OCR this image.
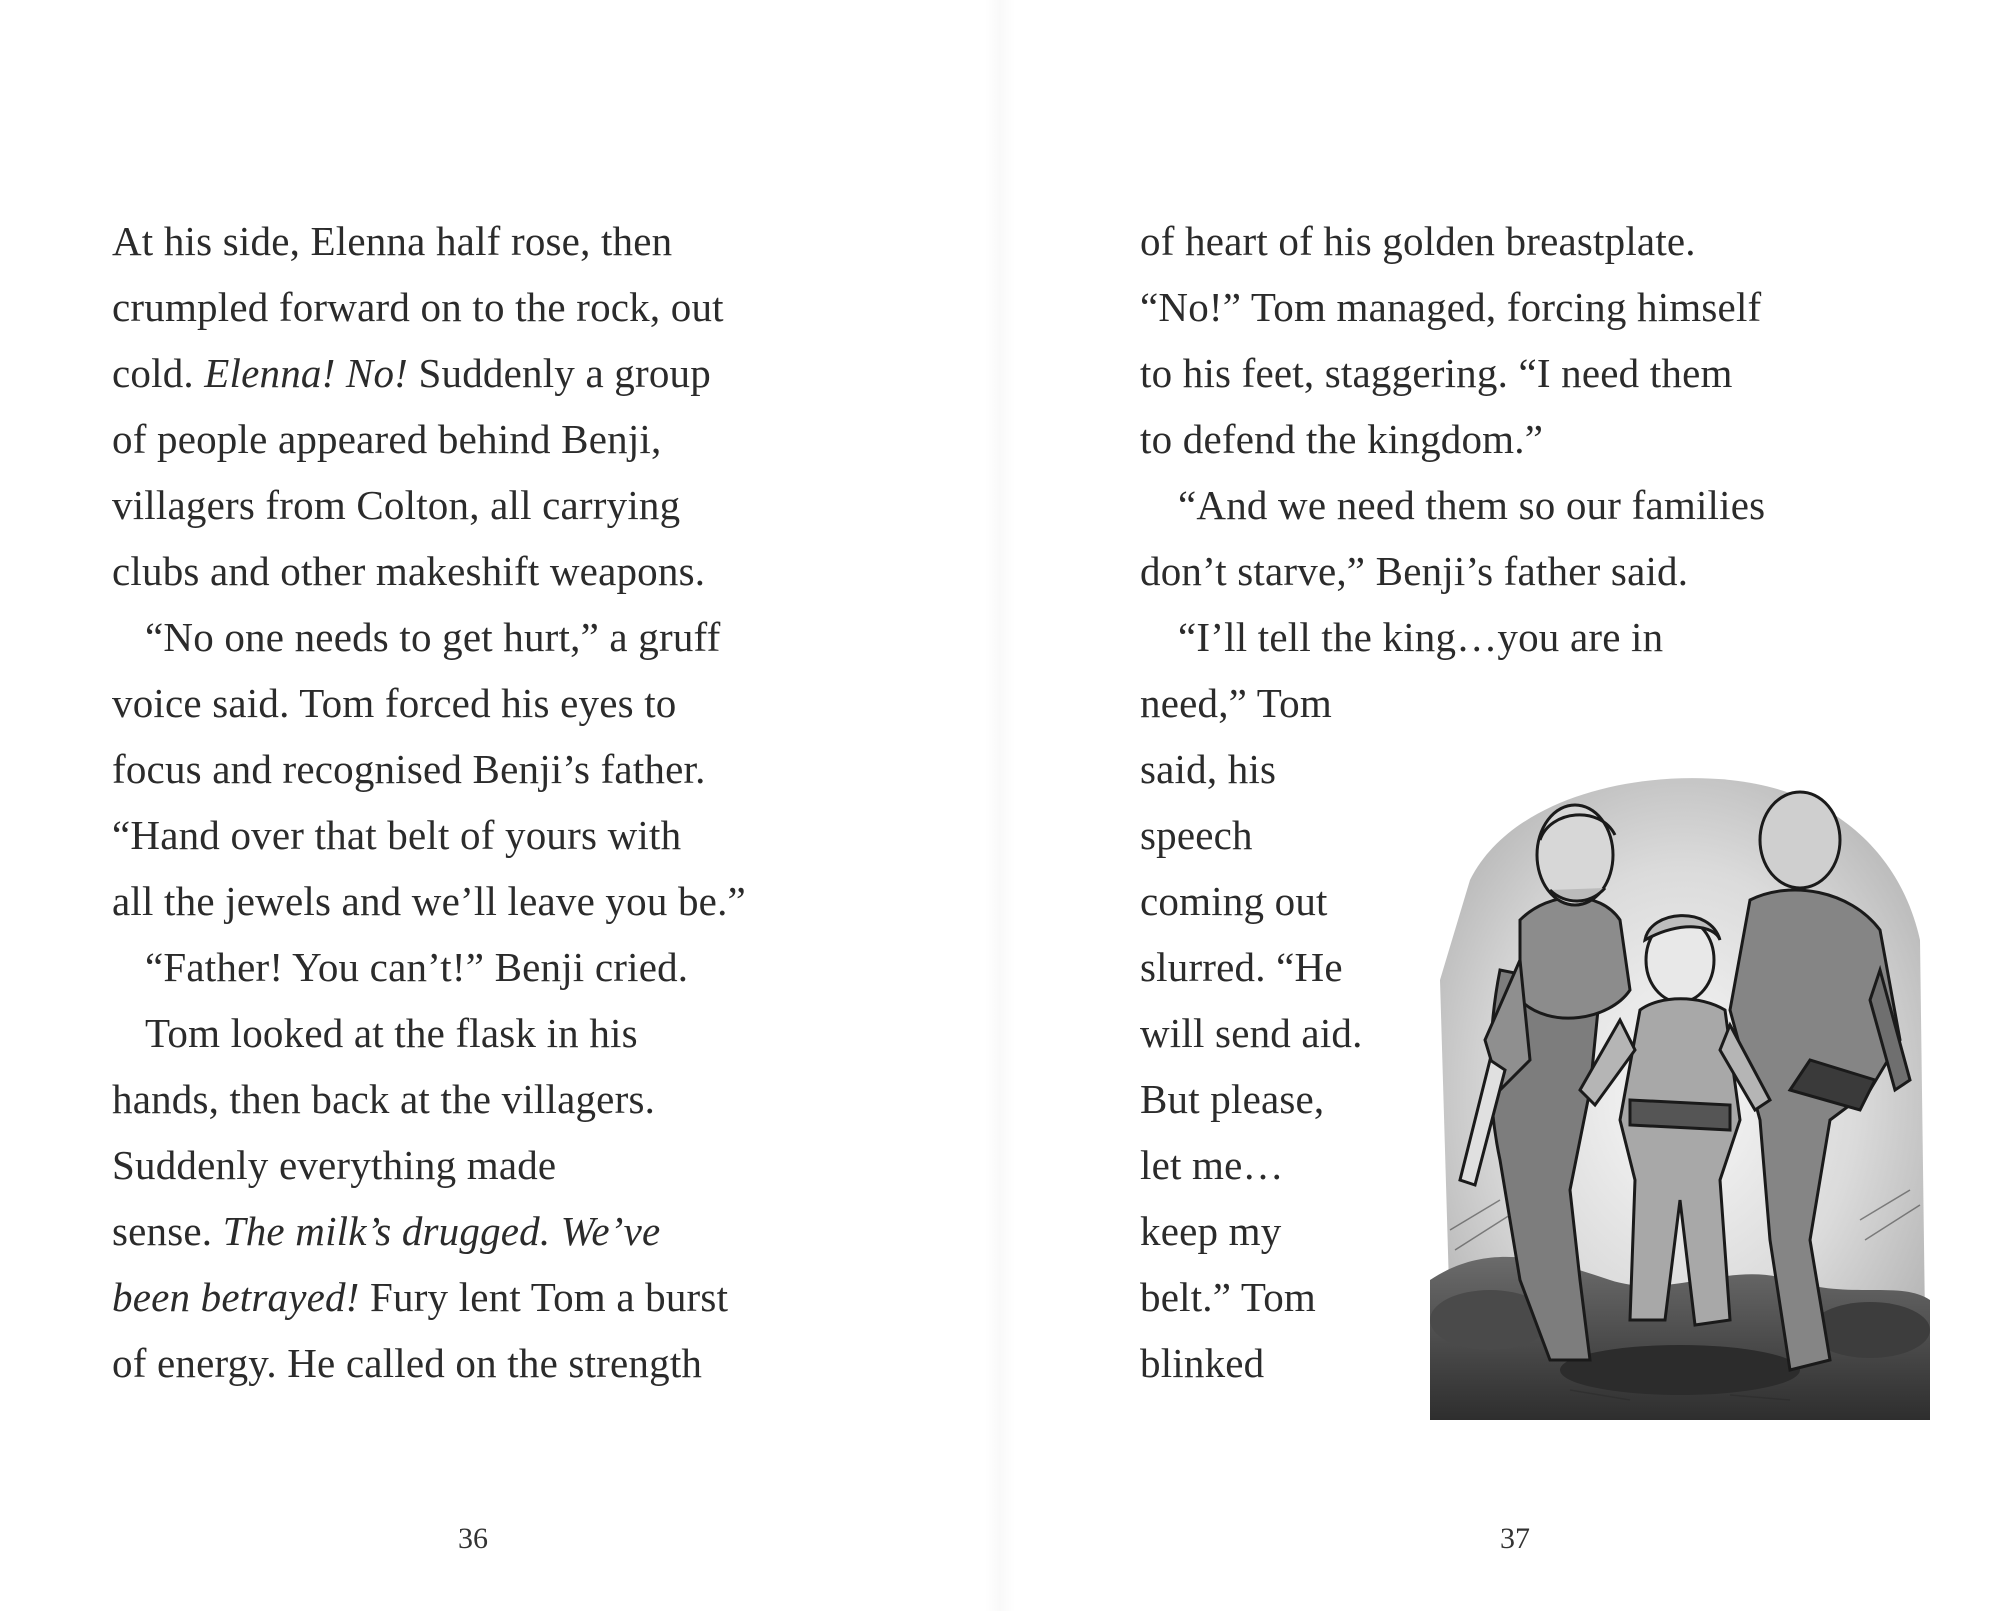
At his side, Elenna half rose, then
crumpled forward on to the rock, out
cold. Elenna! No! Suddenly a group
of people appeared behind Benji,
villagers from Colton, all carrying
clubs and other makeshift weapons.
“No one needs to get hurt,” a gruff
voice said. Tom forced his eyes to
focus and recognised Benji’s father.
“Hand over that belt of yours with
all the jewels and we’ll leave you be.”
“Father! You can’t!” Benji cried.
Tom looked at the flask in his
hands, then back at the villagers.
Suddenly everything made
sense. The milk’s drugged. We’ve
been betrayed! Fury lent Tom a burst
of energy. He called on the strength
36
of heart of his golden breastplate.
“No!” Tom managed, forcing himself
to his feet, staggering. “I need them
to defend the kingdom.”
“And we need them so our families
don’t starve,” Benji’s father said.
“I’ll tell the king…you are in
need,” Tom
said, his
speech
coming out
slurred. “He
will send aid.
But please,
let me…
keep my
belt.” Tom
blinked
37
